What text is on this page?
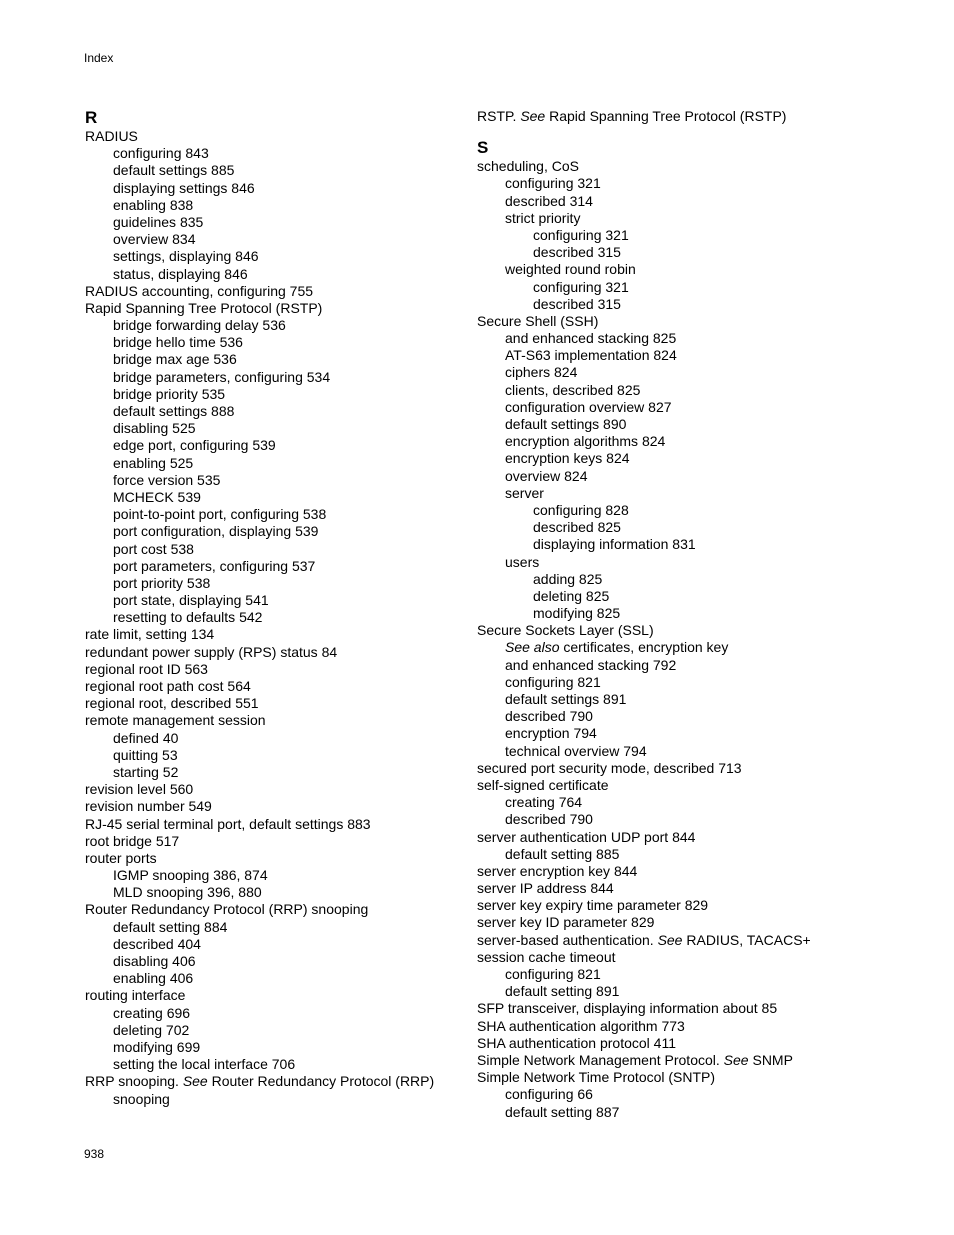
Index
R
RADIUS
configuring 843
default settings 885
displaying settings 846
enabling 838
guidelines 835
overview 834
settings, displaying 846
status, displaying 846
RADIUS accounting, configuring 755
Rapid Spanning Tree Protocol (RSTP)
bridge forwarding delay 536
bridge hello time 536
bridge max age 536
bridge parameters, configuring 534
bridge priority 535
default settings 888
disabling 525
edge port, configuring 539
enabling 525
force version 535
MCHECK 539
point-to-point port, configuring 538
port configuration, displaying 539
port cost 538
port parameters, configuring 537
port priority 538
port state, displaying 541
resetting to defaults 542
rate limit, setting 134
redundant power supply (RPS) status 84
regional root ID 563
regional root path cost 564
regional root, described 551
remote management session
defined 40
quitting 53
starting 52
revision level 560
revision number 549
RJ-45 serial terminal port, default settings 883
root bridge 517
router ports
IGMP snooping 386, 874
MLD snooping 396, 880
Router Redundancy Protocol (RRP) snooping
default setting 884
described 404
disabling 406
enabling 406
routing interface
creating 696
deleting 702
modifying 699
setting the local interface 706
RRP snooping. See Router Redundancy Protocol (RRP)
snooping
RSTP. See Rapid Spanning Tree Protocol (RSTP)
S
scheduling, CoS
configuring 321
described 314
strict priority
configuring 321
described 315
weighted round robin
configuring 321
described 315
Secure Shell (SSH)
and enhanced stacking 825
AT-S63 implementation 824
ciphers 824
clients, described 825
configuration overview 827
default settings 890
encryption algorithms 824
encryption keys 824
overview 824
server
configuring 828
described 825
displaying information 831
users
adding 825
deleting 825
modifying 825
Secure Sockets Layer (SSL)
See also certificates, encryption key
and enhanced stacking 792
configuring 821
default settings 891
described 790
encryption 794
technical overview 794
secured port security mode, described 713
self-signed certificate
creating 764
described 790
server authentication UDP port 844
default setting 885
server encryption key 844
server IP address 844
server key expiry time parameter 829
server key ID parameter 829
server-based authentication. See RADIUS, TACACS+
session cache timeout
configuring 821
default setting 891
SFP transceiver, displaying information about 85
SHA authentication algorithm 773
SHA authentication protocol 411
Simple Network Management Protocol. See SNMP
Simple Network Time Protocol (SNTP)
configuring 66
default setting 887
938
